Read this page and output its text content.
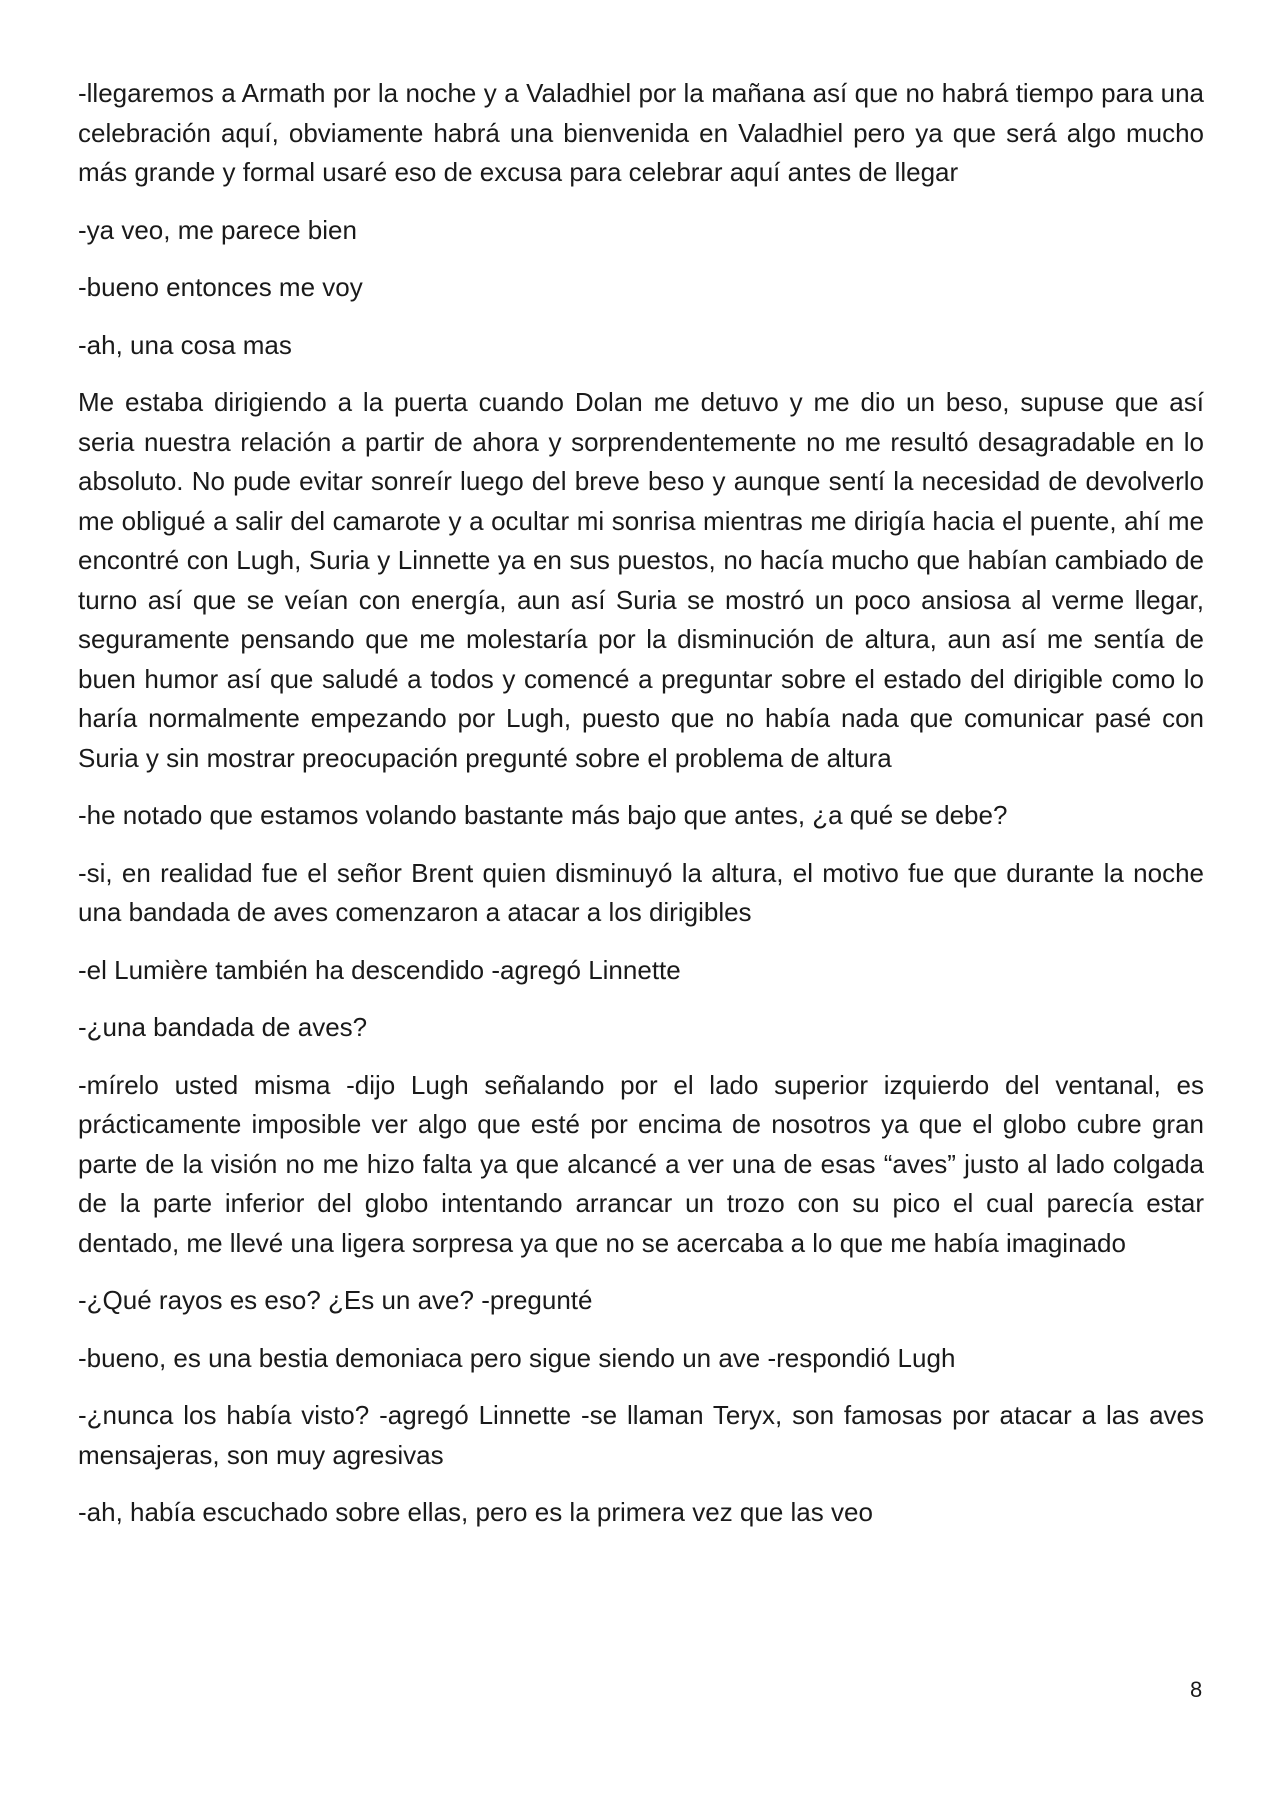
-llegaremos a Armath por la noche y a Valadhiel por la mañana así que no habrá tiempo para una celebración aquí, obviamente habrá una bienvenida en Valadhiel pero ya que será algo mucho más grande y formal usaré eso de excusa para celebrar aquí antes de llegar

-ya veo, me parece bien

-bueno entonces me voy

-ah, una cosa mas

Me estaba dirigiendo a la puerta cuando Dolan me detuvo y me dio un beso, supuse que así seria nuestra relación a partir de ahora y sorprendentemente no me resultó desagradable en lo absoluto. No pude evitar sonreír luego del breve beso y aunque sentí la necesidad de devolverlo me obligué a salir del camarote y a ocultar mi sonrisa mientras me dirigía hacia el puente, ahí me encontré con Lugh, Suria y Linnette ya en sus puestos, no hacía mucho que habían cambiado de turno así que se veían con energía, aun así Suria se mostró un poco ansiosa al verme llegar, seguramente pensando que me molestaría por la disminución de altura, aun así me sentía de buen humor así que saludé a todos y comencé a preguntar sobre el estado del dirigible como lo haría normalmente empezando por Lugh, puesto que no había nada que comunicar pasé con Suria y sin mostrar preocupación pregunté sobre el problema de altura

-he notado que estamos volando bastante más bajo que antes, ¿a qué se debe?

-si, en realidad fue el señor Brent quien disminuyó la altura, el motivo fue que durante la noche una bandada de aves comenzaron a atacar a los dirigibles

-el Lumière también ha descendido -agregó Linnette

-¿una bandada de aves?

-mírelo usted misma -dijo Lugh señalando por el lado superior izquierdo del ventanal, es prácticamente imposible ver algo que esté por encima de nosotros ya que el globo cubre gran parte de la visión no me hizo falta ya que alcancé a ver una de esas “aves” justo al lado colgada de la parte inferior del globo intentando arrancar un trozo con su pico el cual parecía estar dentado, me llevé una ligera sorpresa ya que no se acercaba a lo que me había imaginado

-¿Qué rayos es eso? ¿Es un ave? -pregunté

-bueno, es una bestia demoniaca pero sigue siendo un ave -respondió Lugh

-¿nunca los había visto? -agregó Linnette -se llaman Teryx, son famosas por atacar a las aves mensajeras, son muy agresivas

-ah, había escuchado sobre ellas, pero es la primera vez que las veo

8
